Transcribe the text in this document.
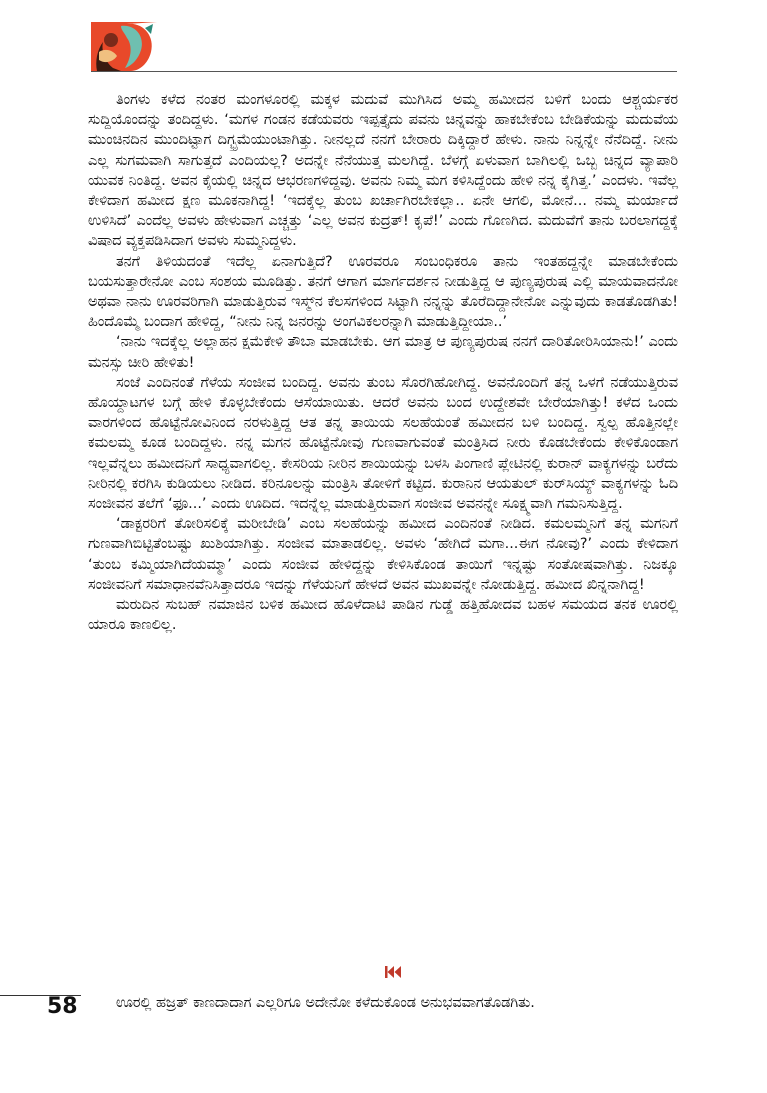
ತಿಂಗಳು ಕಳೆದ ನಂತರ ಮಂಗಳೂರಲ್ಲಿ ಮಕ್ಕಳ ಮದುವೆ ಮುಗಿಸಿದ ಅಮ್ಮ ಹಮೀದನ ಬಳಿಗೆ ಬಂದು ಆಶ್ಚರ್ಯಕರ ಸುದ್ದಿಯೊಂದನ್ನು ತಂದಿದ್ದಳು. ‘ಮಗಳ ಗಂಡನ ಕಡೆಯವರು ಇಪ್ಪತ್ತೈದು ಪವನು ಚಿನ್ನವನ್ನು ಹಾಕಬೇಕೆಂಬ ಬೇಡಿಕೆಯನ್ನು ಮದುವೆಯ ಮುಂಚಿನದಿನ ಮುಂದಿಟ್ಟಾಗ ದಿಗ್ಭ್ರಮೆಯುಂಟಾಗಿತ್ತು. ನೀನಲ್ಲದೆ ನನಗೆ ಬೇರಾರು ದಿಕ್ಕಿದ್ದಾರೆ ಹೇಳು. ನಾನು ನಿನ್ನನ್ನೇ ನೆನೆದಿದ್ದೆ. ನೀನು ಎಲ್ಲ ಸುಗಮವಾಗಿ ಸಾಗುತ್ತದೆ ಎಂದಿಯಲ್ಲ? ಅದನ್ನೇ ನೆನೆಯುತ್ತ ಮಲಗಿದ್ದೆ. ಬೆಳಗ್ಗೆ ಏಳುವಾಗ ಬಾಗಿಲಲ್ಲಿ ಒಬ್ಬ ಚಿನ್ನದ ವ್ಯಾಪಾರಿ ಯುವಕ ನಿಂತಿದ್ದ. ಅವನ ಕೈಯಲ್ಲಿ ಚಿನ್ನದ ಆಭರಣಗಳಿದ್ದವು. ಅವನು ನಿಮ್ಮ ಮಗ ಕಳಿಸಿದ್ದೆಂದು ಹೇಳಿ ನನ್ನ ಕೈಗಿತ್ತ.’ ಎಂದಳು. ಇವೆಲ್ಲ ಕೇಳಿದಾಗ ಹಮೀದ ಕ್ಷಣ ಮೂಕನಾಗಿದ್ದ! ‘ಇದಕ್ಕೆಲ್ಲ ತುಂಬ ಖರ್ಚಾಗಿರಬೇಕಲ್ಲಾ.. ಏನೇ ಆಗಲಿ, ಮೋನೆ... ನಮ್ಮ ಮರ್ಯಾದೆ ಉಳಿಸಿದೆ’ ಎಂದೆಲ್ಲ ಅವಳು ಹೇಳುವಾಗ ಎಚ್ಚತ್ತು ‘ಎಲ್ಲ ಅವನ ಕುದ್ರತ್! ಕೃಪೆ!’ ಎಂದು ಗೊಣಗಿದ. ಮದುವೆಗೆ ತಾನು ಬರಲಾಗದ್ದಕ್ಕೆ ವಿಷಾದ ವ್ಯಕ್ತಪಡಿಸಿದಾಗ ಅವಳು ಸುಮ್ಮನಿದ್ದಳು.

ತನಗೆ ತಿಳಿಯದಂತೆ ಇದೆಲ್ಲ ಏನಾಗುತ್ತಿದೆ? ಊರವರೂ ಸಂಬಂಧಿಕರೂ ತಾನು ಇಂತಹದ್ದನ್ನೇ ಮಾಡಬೇಕೆಂದು ಬಯಸುತ್ತಾರೇನೋ ಎಂಬ ಸಂಶಯ ಮೂಡಿತ್ತು. ತನಗೆ ಆಗಾಗ ಮಾರ್ಗದರ್ಶನ ನೀಡುತ್ತಿದ್ದ ಆ ಪುಣ್ಯಪುರುಷ ಎಲ್ಲಿ ಮಾಯವಾದನೋ ಅಥವಾ ನಾನು ಊರವರಿಗಾಗಿ ಮಾಡುತ್ತಿರುವ ಇಸ್ಮ್‌ನ ಕೆಲಸಗಳಿಂದ ಸಿಟ್ಟಾಗಿ ನನ್ನನ್ನು ತೊರೆದಿದ್ದಾನೇನೋ ಎನ್ನುವುದು ಕಾಡತೊಡಗಿತು! ಹಿಂದೊಮ್ಮೆ ಬಂದಾಗ ಹೇಳಿದ್ದ, “ನೀನು ನಿನ್ನ ಜನರನ್ನು ಅಂಗವಿಕಲರನ್ನಾಗಿ ಮಾಡುತ್ತಿದ್ದೀಯಾ..’

‘ನಾನು ಇದಕ್ಕೆಲ್ಲ ಅಲ್ಲಾಹನ ಕ್ಷಮೆಕೇಳಿ ತೌಬಾ ಮಾಡಬೇಕು. ಆಗ ಮಾತ್ರ ಆ ಪುಣ್ಯಪುರುಷ ನನಗೆ ದಾರಿತೋರಿಸಿಯಾನು!’ ಎಂದು ಮನಸ್ಸು ಚೀರಿ ಹೇಳಿತು!

ಸಂಜೆ ಎಂದಿನಂತೆ ಗೆಳೆಯ ಸಂಜೀವ ಬಂದಿದ್ದ. ಅವನು ತುಂಬ ಸೊರಗಿಹೋಗಿದ್ದ. ಅವನೊಂದಿಗೆ ತನ್ನ ಒಳಗೆ ನಡೆಯುತ್ತಿರುವ ಹೊಯ್ದಾಟಗಳ ಬಗ್ಗೆ ಹೇಳಿ ಕೊಳ್ಳಬೇಕೆಂದು ಆಸೆಯಾಯಿತು. ಆದರೆ ಅವನು ಬಂದ ಉದ್ದೇಶವೇ ಬೇರೆಯಾಗಿತ್ತು! ಕಳೆದ ಒಂದು ವಾರಗಳಿಂದ ಹೊಟ್ಟೆನೋವಿನಿಂದ ನರಳುತ್ತಿದ್ದ ಆತ ತನ್ನ ತಾಯಿಯ ಸಲಹೆಯಂತೆ ಹಮೀದನ ಬಳಿ ಬಂದಿದ್ದ. ಸ್ವಲ್ಪ ಹೊತ್ತಿನಲ್ಲೇ ಕಮಲಮ್ಮ ಕೂಡ ಬಂದಿದ್ದಳು. ನನ್ನ ಮಗನ ಹೊಟ್ಟೆನೋವು ಗುಣವಾಗುವಂತೆ ಮಂತ್ರಿಸಿದ ನೀರು ಕೊಡಬೇಕೆಂದು ಕೇಳಿಕೊಂಡಾಗ ಇಲ್ಲವೆನ್ನಲು ಹಮೀದನಿಗೆ ಸಾಧ್ಯವಾಗಲಿಲ್ಲ. ಕೇಸರಿಯ ನೀರಿನ ಶಾಯಿಯನ್ನು ಬಳಸಿ ಪಿಂಗಾಣಿ ಪ್ಲೇಟಿನಲ್ಲಿ ಕುರಾನ್ ವಾಕ್ಯಗಳನ್ನು ಬರೆದು ನೀರಿನಲ್ಲಿ ಕರಗಿಸಿ ಕುಡಿಯಲು ನೀಡಿದ. ಕರಿನೂಲನ್ನು ಮಂತ್ರಿಸಿ ತೋಳಿಗೆ ಕಟ್ಟಿದ. ಕುರಾನಿನ ಆಯತುಲ್ ಕುರ್‌ಸಿಯ್ಯ್ ವಾಕ್ಯಗಳನ್ನು ಓದಿ ಸಂಜೀವನ ತಲೆಗೆ ‘ಫೂ...’ ಎಂದು ಊದಿದ. ಇದನ್ನೆಲ್ಲ ಮಾಡುತ್ತಿರುವಾಗ ಸಂಜೀವ ಅವನನ್ನೇ ಸೂಕ್ಷ್ಮವಾಗಿ ಗಮನಿಸುತ್ತಿದ್ದ.

‘ಡಾಕ್ಟರರಿಗೆ ತೋರಿಸಲಿಕ್ಕೆ ಮರೀಬೇಡಿ’ ಎಂಬ ಸಲಹೆಯನ್ನು ಹಮೀದ ಎಂದಿನಂತೆ ನೀಡಿದ. ಕಮಲಮ್ಮನಿಗೆ ತನ್ನ ಮಗನಿಗೆ ಗುಣವಾಗಿಬಿಟ್ಟಿತೆಂಬಷ್ಟು ಖುಶಿಯಾಗಿತ್ತು. ಸಂಜೀವ ಮಾತಾಡಲಿಲ್ಲ. ಅವಳು ‘ಹೇಗಿದೆ ಮಗಾ...ಈಗ ನೋವು?’ ಎಂದು ಕೇಳಿದಾಗ ‘ತುಂಬ ಕಮ್ಮಿಯಾಗಿದೆಯಮ್ಮಾ’ ಎಂದು ಸಂಜೀವ ಹೇಳಿದ್ದನ್ನು ಕೇಳಿಸಿಕೊಂಡ ತಾಯಿಗೆ ಇನ್ನಷ್ಟು ಸಂತೋಷವಾಗಿತ್ತು. ನಿಜಕ್ಕೂ ಸಂಜೀವನಿಗೆ ಸಮಾಧಾನವೆನಿಸಿತ್ತಾದರೂ ಇದನ್ನು ಗೆಳೆಯನಿಗೆ ಹೇಳದೆ ಅವನ ಮುಖವನ್ನೇ ನೋಡುತ್ತಿದ್ದ. ಹಮೀದ ಖಿನ್ನನಾಗಿದ್ದ!

ಮರುದಿನ ಸುಬಹ್ ನಮಾಜಿನ ಬಳಿಕ ಹಮೀದ ಹೊಳೆದಾಟಿ ಪಾಡಿನ ಗುಡ್ಡೆ ಹತ್ತಿಹೋದವ ಬಹಳ ಸಮಯದ ತನಕ ಊರಲ್ಲಿ ಯಾರೂ ಕಾಣಲಿಲ್ಲ.

58	ಊರಲ್ಲಿ ಹಜ್ರತ್ ಕಾಣದಾದಾಗ ಎಲ್ಲರಿಗೂ ಅದೇನೋ ಕಳೆದುಕೊಂಡ ಅನುಭವವಾಗತೊಡಗಿತು.
